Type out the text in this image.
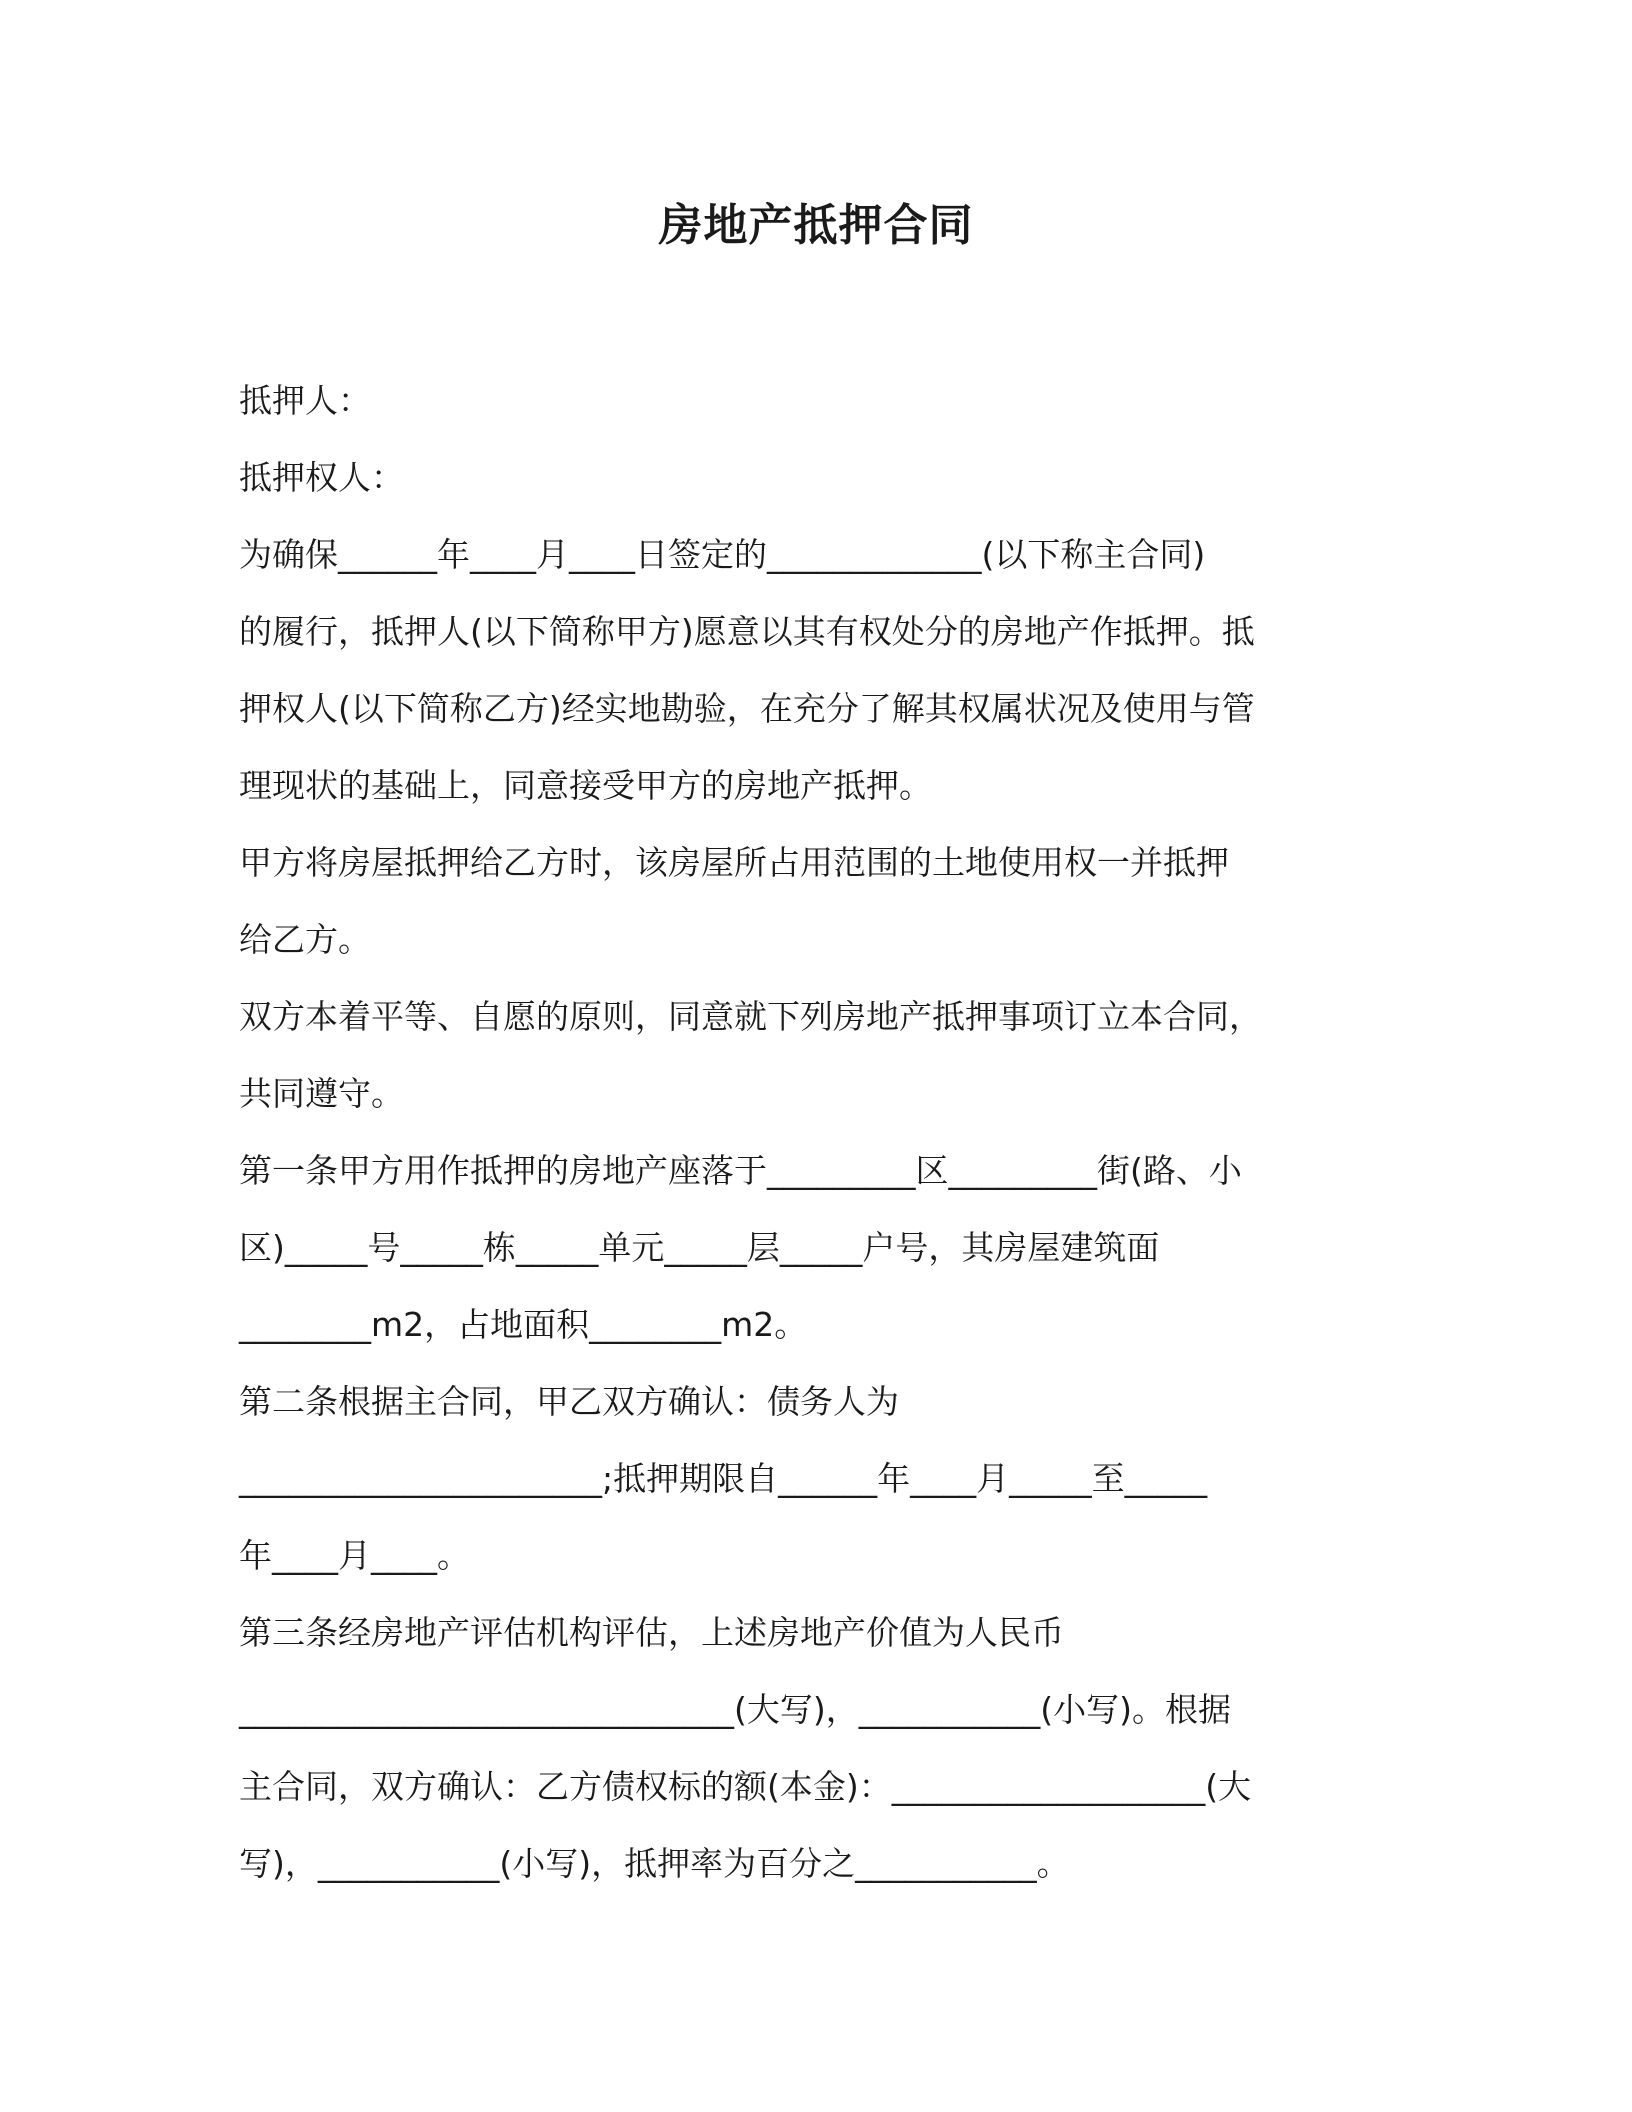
房地产抵押合同
抵押人：
抵押权人：
为确保______年____月____日签定的_____________(以下称主合同)
的履行，抵押人(以下简称甲方)愿意以其有权处分的房地产作抵押。抵
押权人(以下简称乙方)经实地勘验，在充分了解其权属状况及使用与管
理现状的基础上，同意接受甲方的房地产抵押。
甲方将房屋抵押给乙方时，该房屋所占用范围的土地使用权一并抵押
给乙方。
双方本着平等、自愿的原则，同意就下列房地产抵押事项订立本合同，
共同遵守。
第一条甲方用作抵押的房地产座落于_________区_________街(路、小
区)_____号_____栋_____单元_____层_____户号，其房屋建筑面
________m2，占地面积________m2。
第二条根据主合同，甲乙双方确认：债务人为
______________________;抵押期限自______年____月_____至_____
年____月____。
第三条经房地产评估机构评估，上述房地产价值为人民币
______________________________(大写)，___________(小写)。根据
主合同，双方确认：乙方债权标的额(本金)：___________________(大
写)，___________(小写)，抵押率为百分之___________。
